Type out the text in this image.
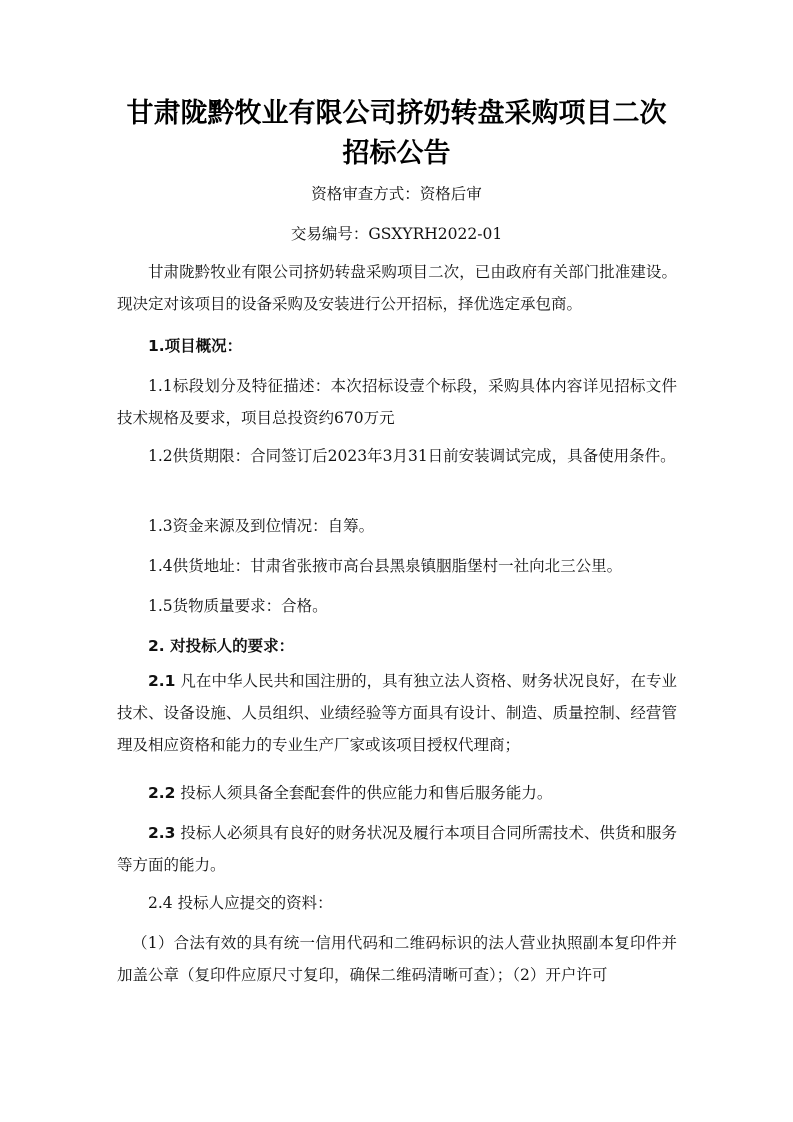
甘肃陇黔牧业有限公司挤奶转盘采购项目二次
招标公告
资格审查方式：资格后审
交易编号：GSXYRH2022-01

甘肃陇黔牧业有限公司挤奶转盘采购项目二次，已由政府有关部门批准建设。现决定对该项目的设备采购及安装进行公开招标，择优选定承包商。

1.项目概况：

1.1标段划分及特征描述：本次招标设壹个标段，采购具体内容详见招标文件技术规格及要求，项目总投资约670万元

1.2供货期限：合同签订后2023年3月31日前安装调试完成，具备使用条件。

1.3资金来源及到位情况：自筹。

1.4供货地址：甘肃省张掖市高台县黑泉镇胭脂堡村一社向北三公里。

1.5货物质量要求：合格。

2. 对投标人的要求：

2.1 凡在中华人民共和国注册的，具有独立法人资格、财务状况良好，在专业技术、设备设施、人员组织、业绩经验等方面具有设计、制造、质量控制、经营管理及相应资格和能力的专业生产厂家或该项目授权代理商；

2.2 投标人须具备全套配套件的供应能力和售后服务能力。

2.3 投标人必须具有良好的财务状况及履行本项目合同所需技术、供货和服务等方面的能力。

2.4 投标人应提交的资料：

（1）合法有效的具有统一信用代码和二维码标识的法人营业执照副本复印件并加盖公章（复印件应原尺寸复印，确保二维码清晰可查）；（2）开户许可
